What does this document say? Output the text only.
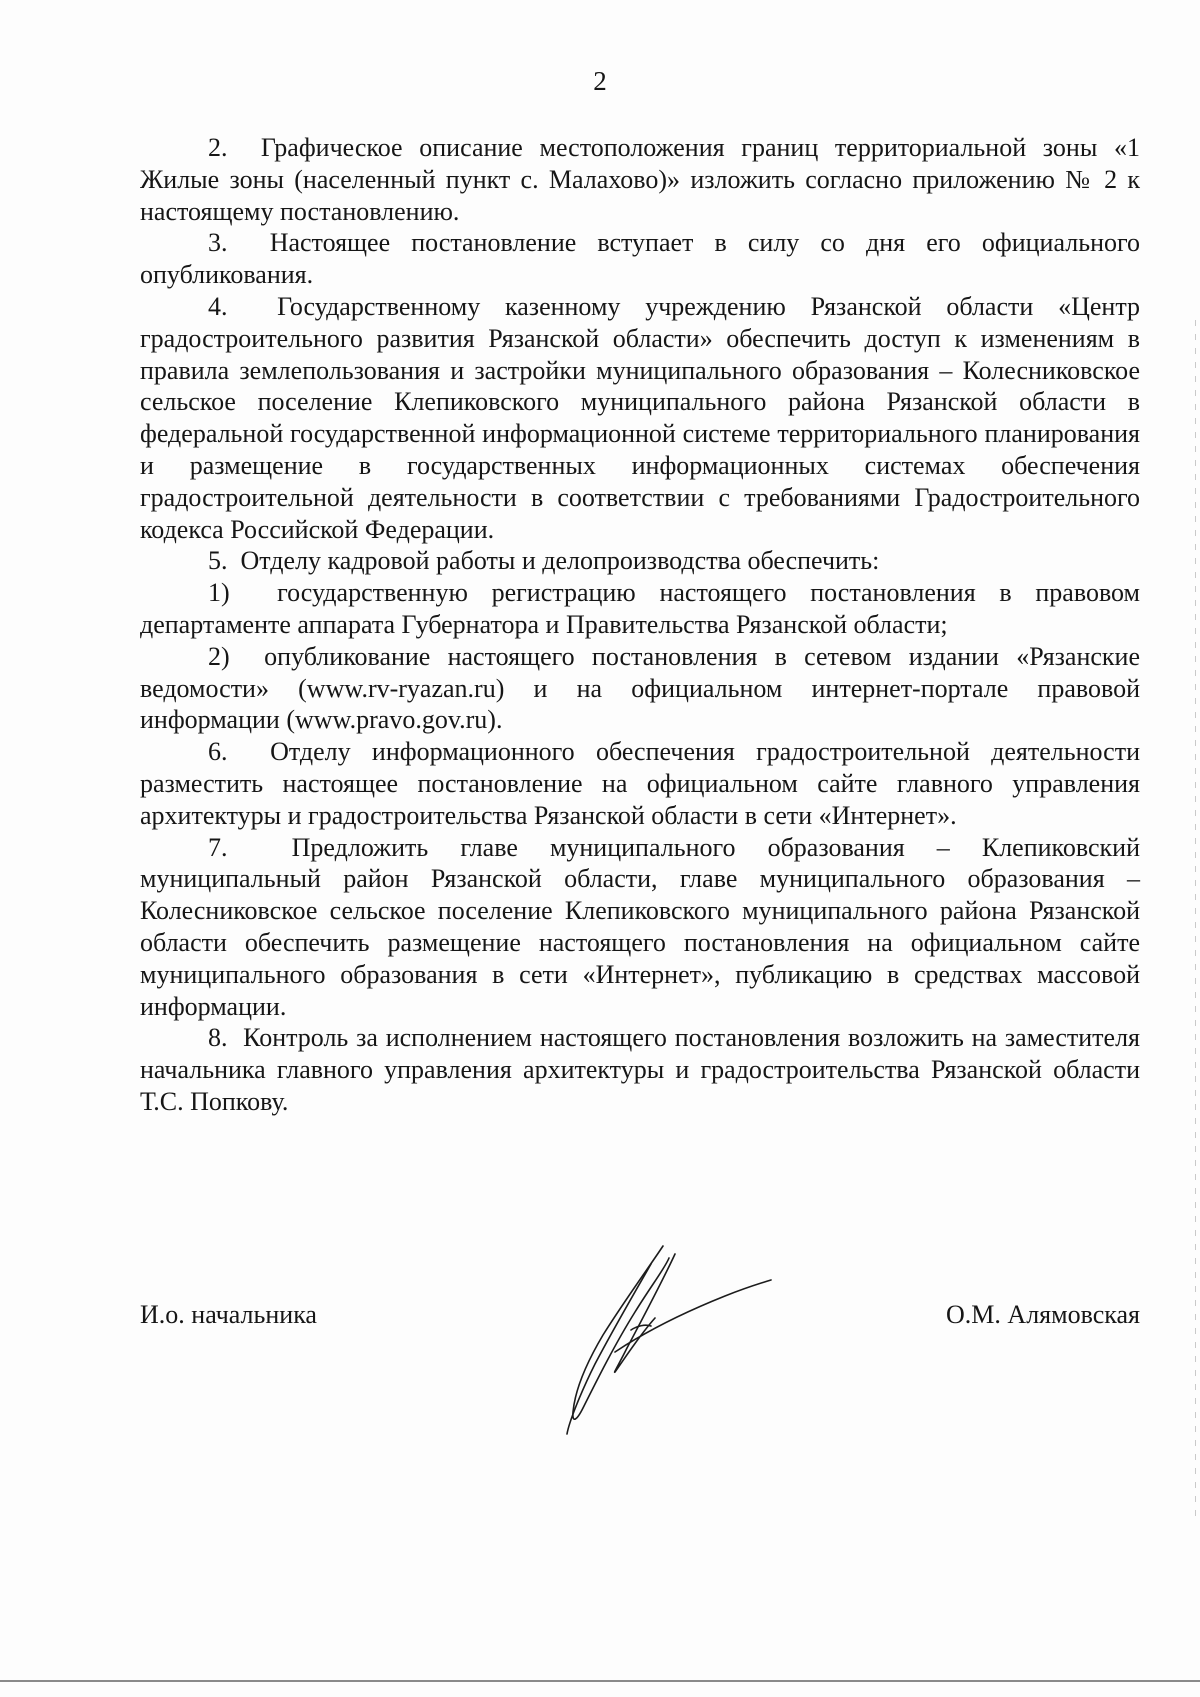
2

2.  Графическое описание местоположения границ территориальной зоны «1 Жилые зоны (населенный пункт с. Малахово)» изложить согласно приложению № 2 к настоящему постановлению.

3.  Настоящее постановление вступает в силу со дня его официального опубликования.

4.  Государственному казенному учреждению Рязанской области «Центр градостроительного развития Рязанской области» обеспечить доступ к изменениям в правила землепользования и застройки муниципального образования – Колесниковское сельское поселение Клепиковского муниципального района Рязанской области в федеральной государственной информационной системе территориального планирования и размещение в государственных информационных системах обеспечения градостроительной деятельности в соответствии с требованиями Градостроительного кодекса Российской Федерации.

5.  Отделу кадровой работы и делопроизводства обеспечить:

1)  государственную регистрацию настоящего постановления в правовом департаменте аппарата Губернатора и Правительства Рязанской области;

2)  опубликование настоящего постановления в сетевом издании «Рязанские ведомости» (www.rv-ryazan.ru) и на официальном интернет-портале правовой информации (www.pravo.gov.ru).

6.  Отделу информационного обеспечения градостроительной деятельности разместить настоящее постановление на официальном сайте главного управления архитектуры и градостроительства Рязанской области в сети «Интернет».

7.  Предложить главе муниципального образования – Клепиковский муниципальный район Рязанской области, главе муниципального образования – Колесниковское сельское поселение Клепиковского муниципального района Рязанской области обеспечить размещение настоящего постановления на официальном сайте муниципального образования в сети «Интернет», публикацию в средствах массовой информации.

8.  Контроль за исполнением настоящего постановления возложить на заместителя начальника главного управления архитектуры и градостроительства Рязанской области Т.С. Попкову.

И.о. начальника	О.М. Алямовская
